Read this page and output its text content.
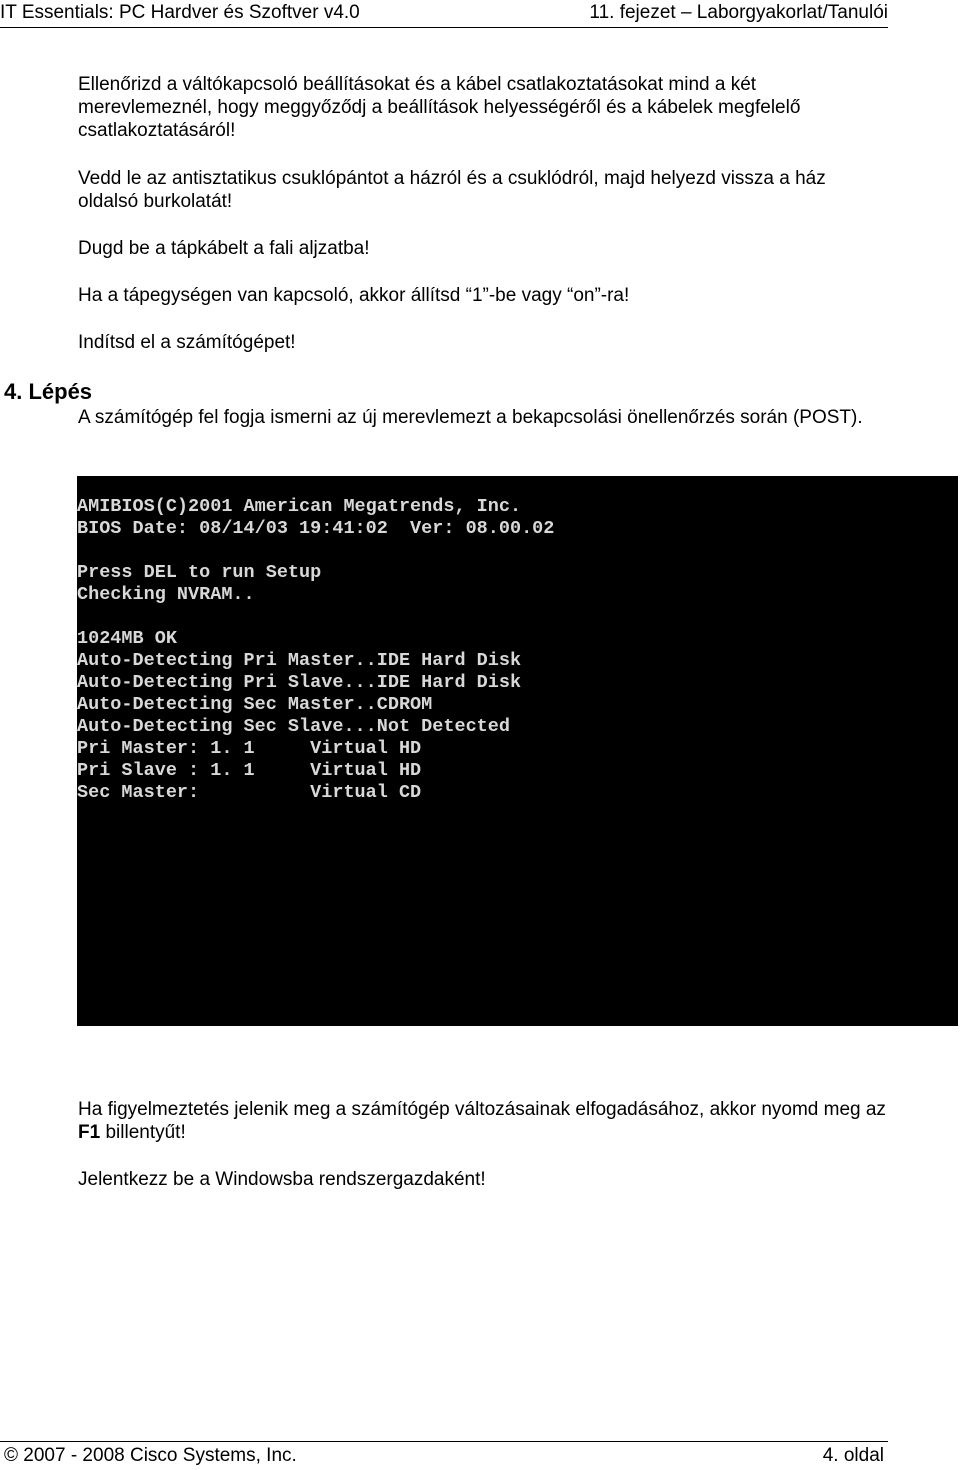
IT Essentials: PC Hardver és Szoftver v4.0	11. fejezet – Laborgyakorlat/Tanulói
Ellenőrizd a váltókapcsoló beállításokat és a kábel csatlakoztatásokat mind a két merevlemeznél, hogy meggyőződj a beállítások helyességéről és a kábelek megfelelő csatlakoztatásáról!
Vedd le az antisztatikus csuklópántot a házról és a csuklódról, majd helyezd vissza a ház oldalsó burkolatát!
Dugd be a tápkábelt a fali aljzatba!
Ha a tápegységen van kapcsoló, akkor állítsd “1”-be vagy “on”-ra!
Indítsd el a számítógépet!
4. Lépés
A számítógép fel fogja ismerni az új merevlemezt a bekapcsolási önellenőrzés során (POST).
AMIBIOS(C)2001 American Megatrends, Inc.
BIOS Date: 08/14/03 19:41:02  Ver: 08.00.02
Press DEL to run Setup
Checking NVRAM..
1024MB OK
Auto-Detecting Pri Master..IDE Hard Disk
Auto-Detecting Pri Slave...IDE Hard Disk
Auto-Detecting Sec Master..CDROM
Auto-Detecting Sec Slave...Not Detected
Pri Master: 1. 1     Virtual HD
Pri Slave : 1. 1     Virtual HD
Sec Master:          Virtual CD
Ha figyelmeztetés jelenik meg a számítógép változásainak elfogadásához, akkor nyomd meg az F1 billentyűt!
Jelentkezz be a Windowsba rendszergazdaként!
© 2007 - 2008 Cisco Systems, Inc.	4. oldal
